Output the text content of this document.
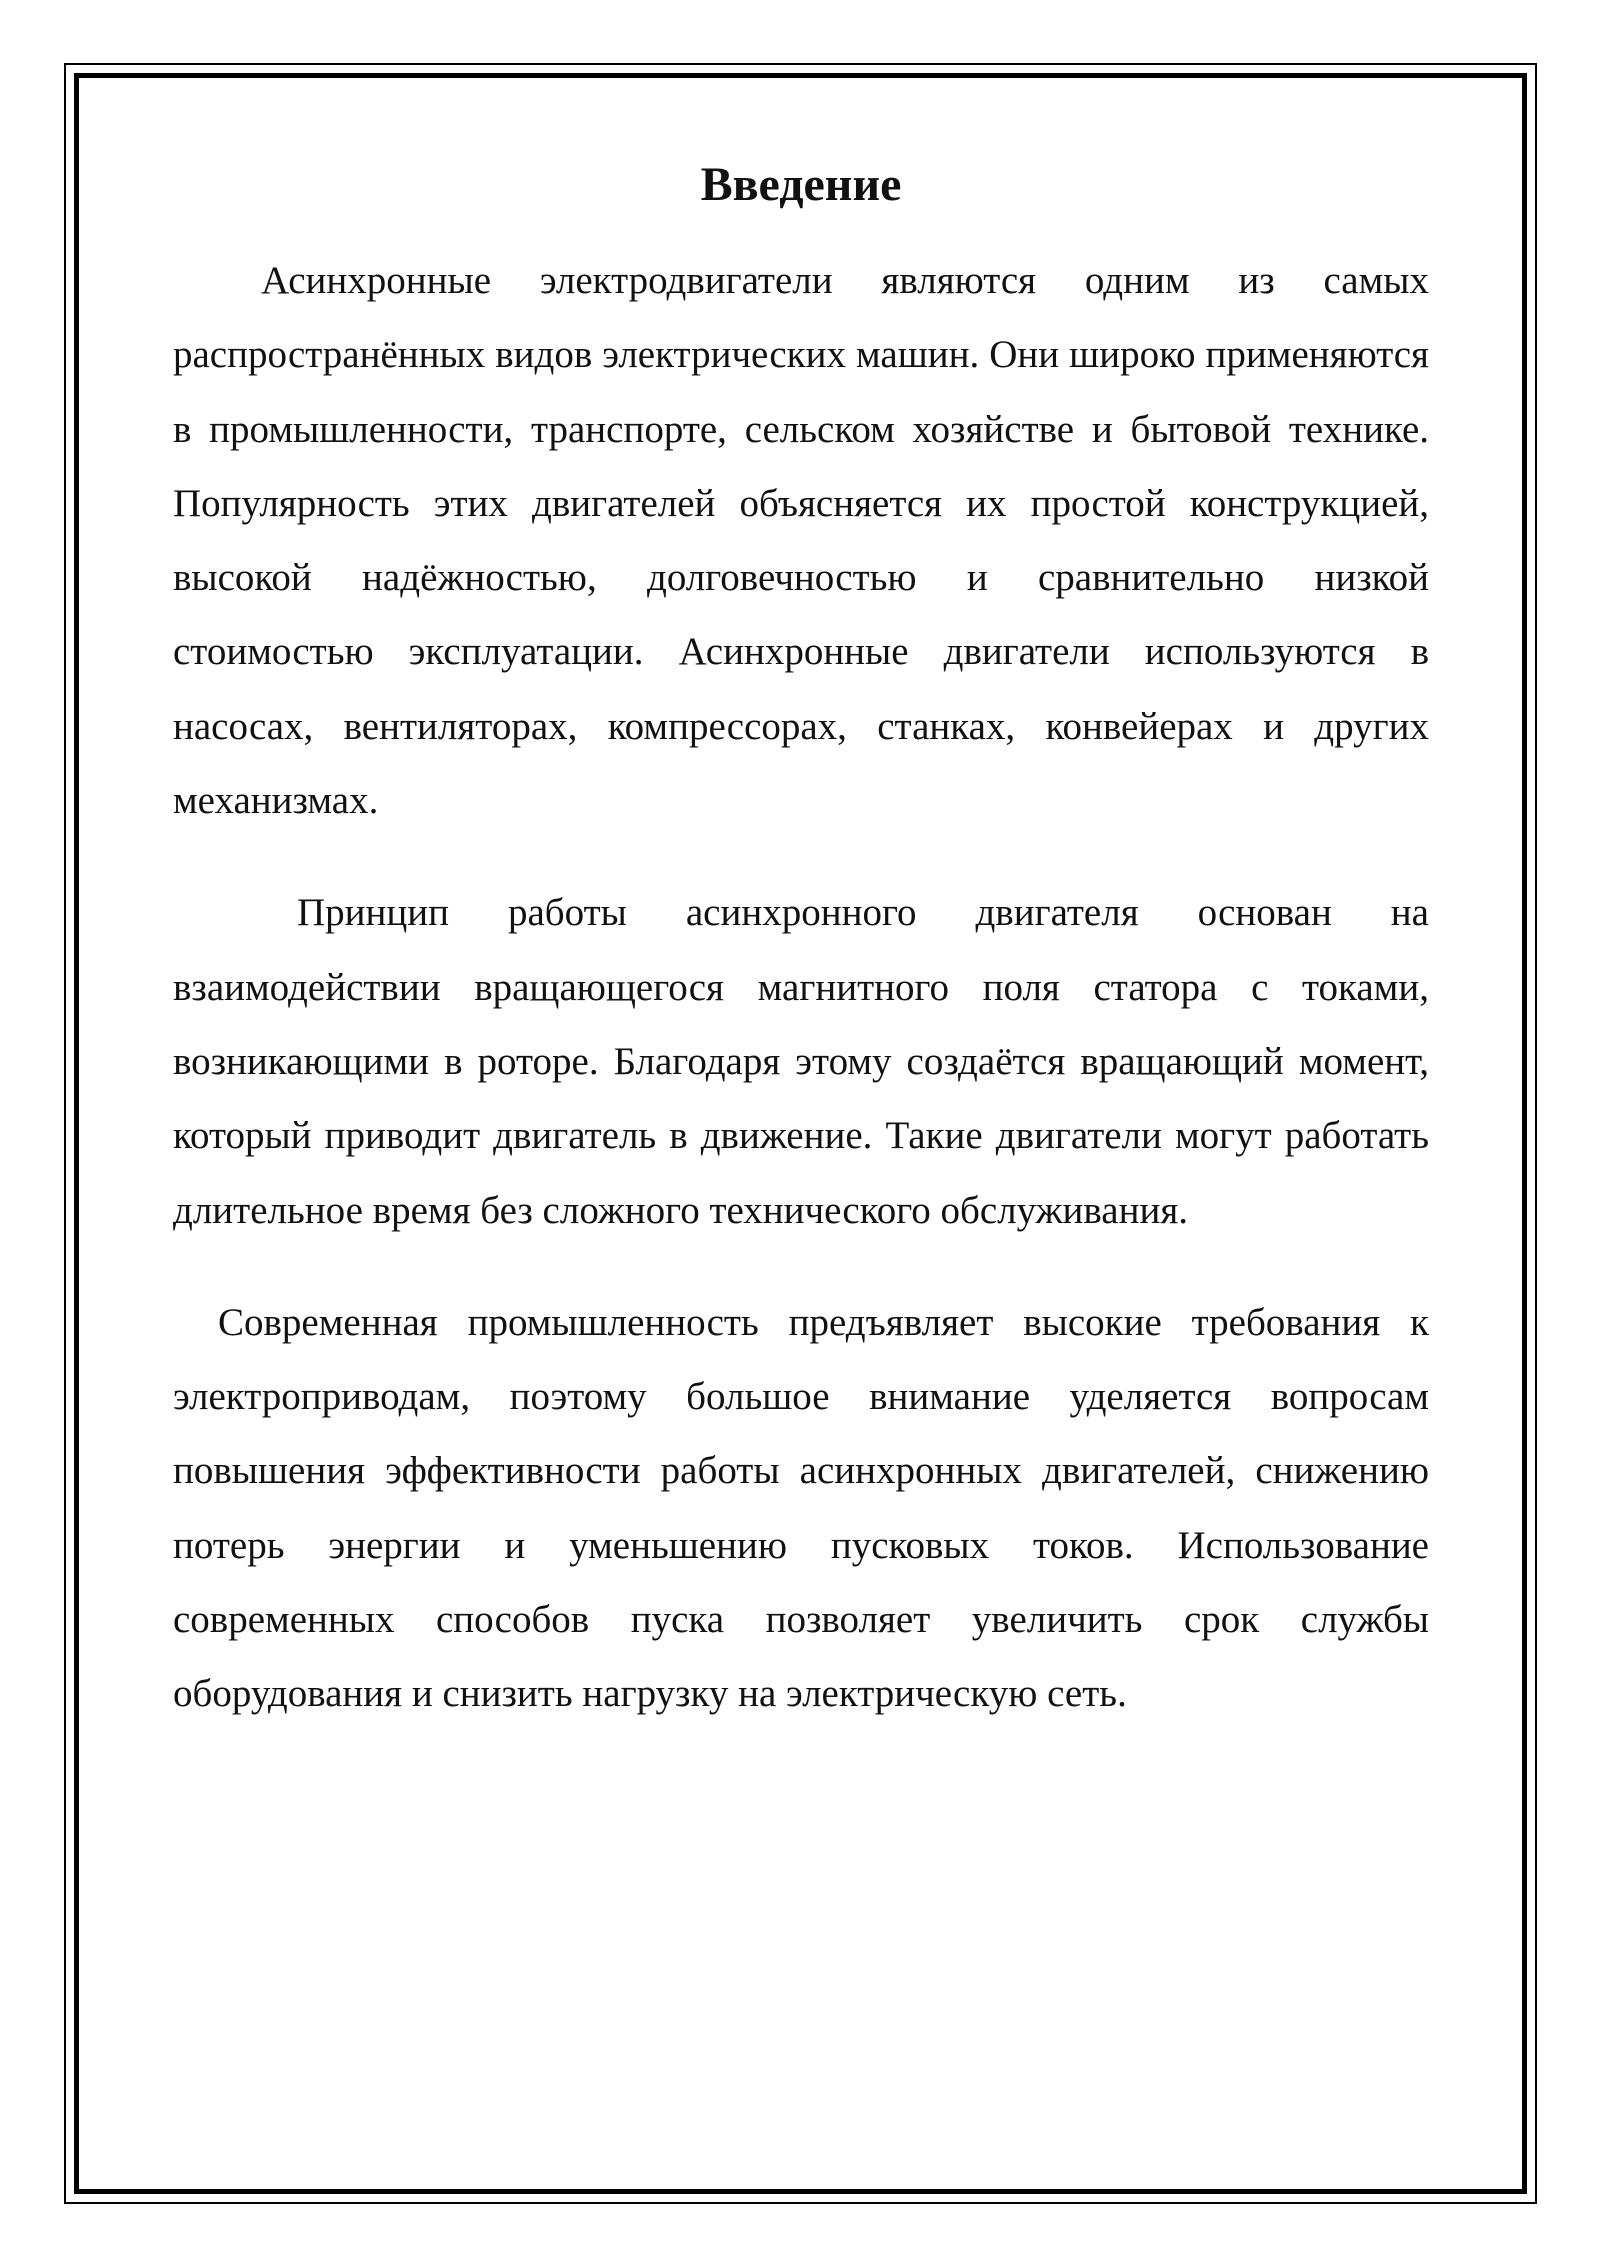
Введение

Асинхронные электродвигатели являются одним из самых распространённых видов электрических машин. Они широко применяются в промышленности, транспорте, сельском хозяйстве и бытовой технике. Популярность этих двигателей объясняется их простой конструкцией, высокой надёжностью, долговечностью и сравнительно низкой стоимостью эксплуатации. Асинхронные двигатели используются в насосах, вентиляторах, компрессорах, станках, конвейерах и других механизмах.

Принцип работы асинхронного двигателя основан на взаимодействии вращающегося магнитного поля статора с токами, возникающими в роторе. Благодаря этому создаётся вращающий момент, который приводит двигатель в движение. Такие двигатели могут работать длительное время без сложного технического обслуживания.

Современная промышленность предъявляет высокие требования к электроприводам, поэтому большое внимание уделяется вопросам повышения эффективности работы асинхронных двигателей, снижению потерь энергии и уменьшению пусковых токов. Использование современных способов пуска позволяет увеличить срок службы оборудования и снизить нагрузку на электрическую сеть.
